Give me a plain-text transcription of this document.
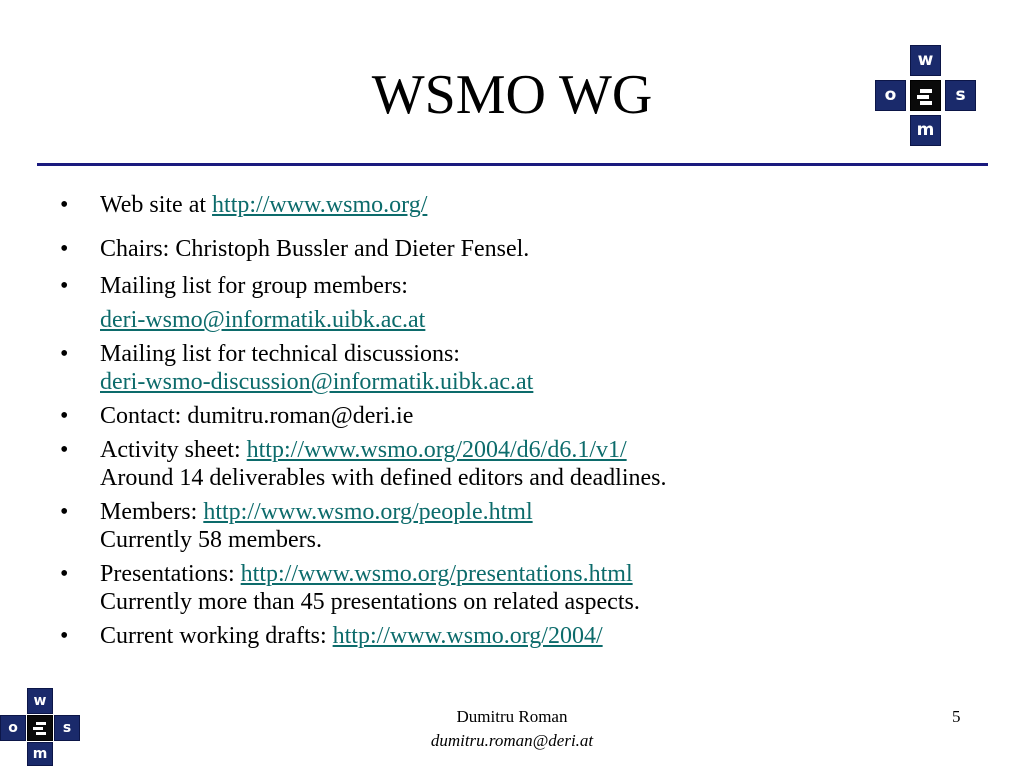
WSMO WG
w
o	s
m
• Web site at http://www.wsmo.org/
• Chairs: Christoph Bussler and Dieter Fensel.
• Mailing list for group members:
deri-wsmo@informatik.uibk.ac.at
• Mailing list for technical discussions:
deri-wsmo-discussion@informatik.uibk.ac.at
• Contact: dumitru.roman@deri.ie
• Activity sheet: http://www.wsmo.org/2004/d6/d6.1/v1/
Around 14 deliverables with defined editors and deadlines.
• Members: http://www.wsmo.org/people.html
Currently 58 members.
• Presentations: http://www.wsmo.org/presentations.html
Currently more than 45 presentations on related aspects.
• Current working drafts: http://www.wsmo.org/2004/
w
o	s
m
Dumitru Roman
dumitru.roman@deri.at
5
